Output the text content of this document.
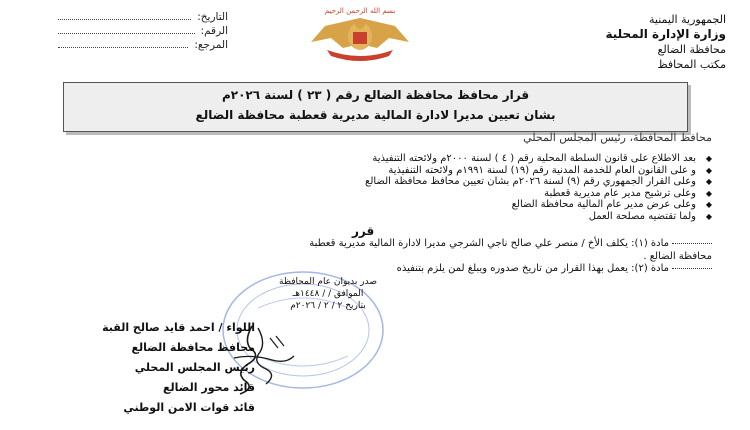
الجمهورية اليمنية
وزارة الإدارة المحلية
محافظة الضالع
مكتب المحافظ
بسم الله الرحمن الرحيم
التاريخ:
الرقم:
المرجع:
قرار محافظ محافظة الضالع رقم ( ٢٣ ) لسنة ٢٠٢٦م
بشان تعيين مديرا لادارة المالية مديرية قعطبة محافظة الضالع
محافظ المحافظة، رئيس المجلس المحلي
◆
بعد الاطلاع على قانون السلطة المحلية رقم ( ٤ ) لسنة ٢٠٠٠م ولائحته التنفيذية
◆
و على القانون العام للخدمة المدنية رقم (١٩) لسنة ١٩٩١م ولائحته التنفيذية
◆
وعلى القرار الجمهوري رقم (٩) لسنة ٢٠٢٦م بشان تعيين محافظ محافظة الضالع
◆
وعلى ترشيح مدير عام مديرية قعطبة
◆
وعلى عرض مدير عام المالية محافظة الضالع
◆
ولما تقتضيه مصلحة العمل
قرر
مادة (١): يكلف الأخ / منصر علي صالح ناجي الشرجي مديرا لادارة المالية مديرية قعطبة
محافظة الضالع .
مادة (٢): يعمل بهذا القرار من تاريخ صدوره ويبلغ لمن يلزم بتنفيذه
صدر بديوان عام المحافظة
الموافق / / ١٤٤٨هـ
بتاريخ ٢ / ٢ / ٢٠٢٦م
اللواء / احمد قايد صالح القبة
محافظ محافظة الضالع
رئيس المجلس المحلي
قائد محور الضالع
قائد قوات الامن الوطني
